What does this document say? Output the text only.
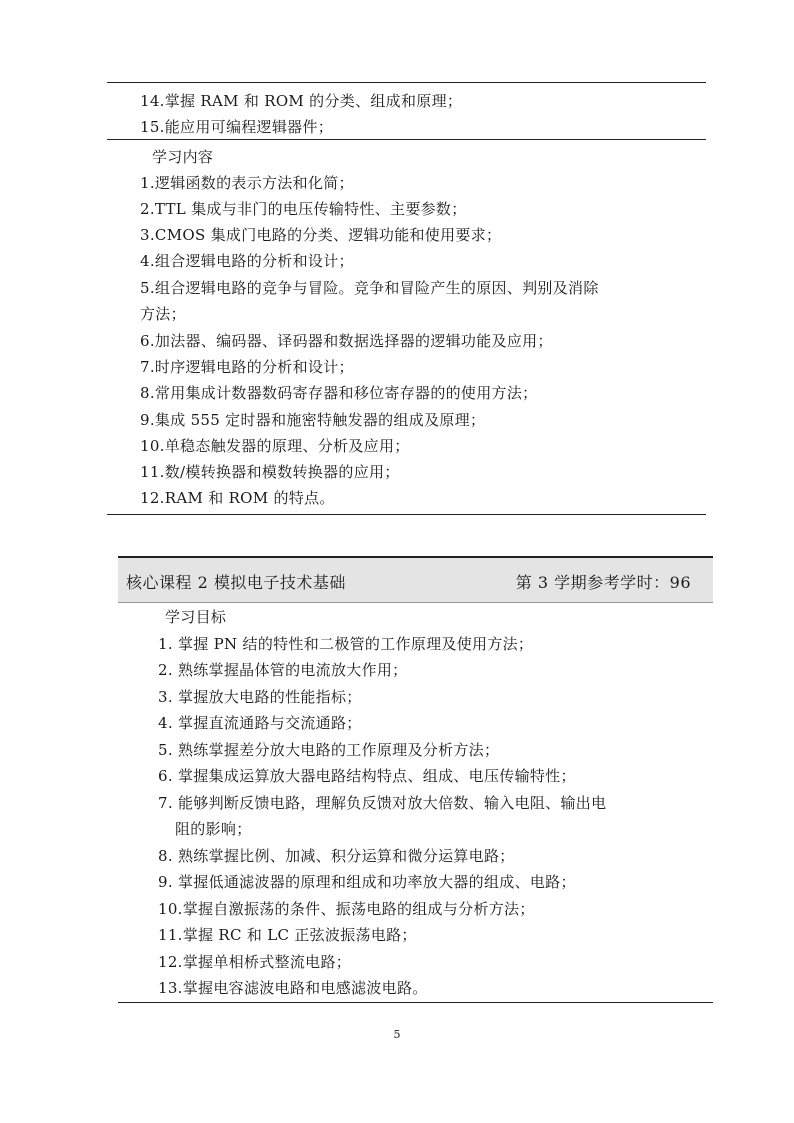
14.掌握 RAM 和 ROM 的分类、组成和原理；
15.能应用可编程逻辑器件；
学习内容
1.逻辑函数的表示方法和化简；
2.TTL 集成与非门的电压传输特性、主要参数；
3.CMOS 集成门电路的分类、逻辑功能和使用要求；
4.组合逻辑电路的分析和设计；
5.组合逻辑电路的竞争与冒险。竞争和冒险产生的原因、判别及消除
方法；
6.加法器、编码器、译码器和数据选择器的逻辑功能及应用；
7.时序逻辑电路的分析和设计；
8.常用集成计数器数码寄存器和移位寄存器的的使用方法；
9.集成 555 定时器和施密特触发器的组成及原理；
10.单稳态触发器的原理、分析及应用；
11.数/模转换器和模数转换器的应用；
12.RAM 和 ROM 的特点。
核心课程 2 模拟电子技术基础	第 3 学期参考学时：96
学习目标
1. 掌握 PN 结的特性和二极管的工作原理及使用方法；
2. 熟练掌握晶体管的电流放大作用；
3. 掌握放大电路的性能指标；
4. 掌握直流通路与交流通路；
5. 熟练掌握差分放大电路的工作原理及分析方法；
6. 掌握集成运算放大器电路结构特点、组成、电压传输特性；
7. 能够判断反馈电路，理解负反馈对放大倍数、输入电阻、输出电
阻的影响；
8. 熟练掌握比例、加减、积分运算和微分运算电路；
9. 掌握低通滤波器的原理和组成和功率放大器的组成、电路；
10.掌握自激振荡的条件、振荡电路的组成与分析方法；
11.掌握 RC 和 LC 正弦波振荡电路；
12.掌握单相桥式整流电路；
13.掌握电容滤波电路和电感滤波电路。
5
